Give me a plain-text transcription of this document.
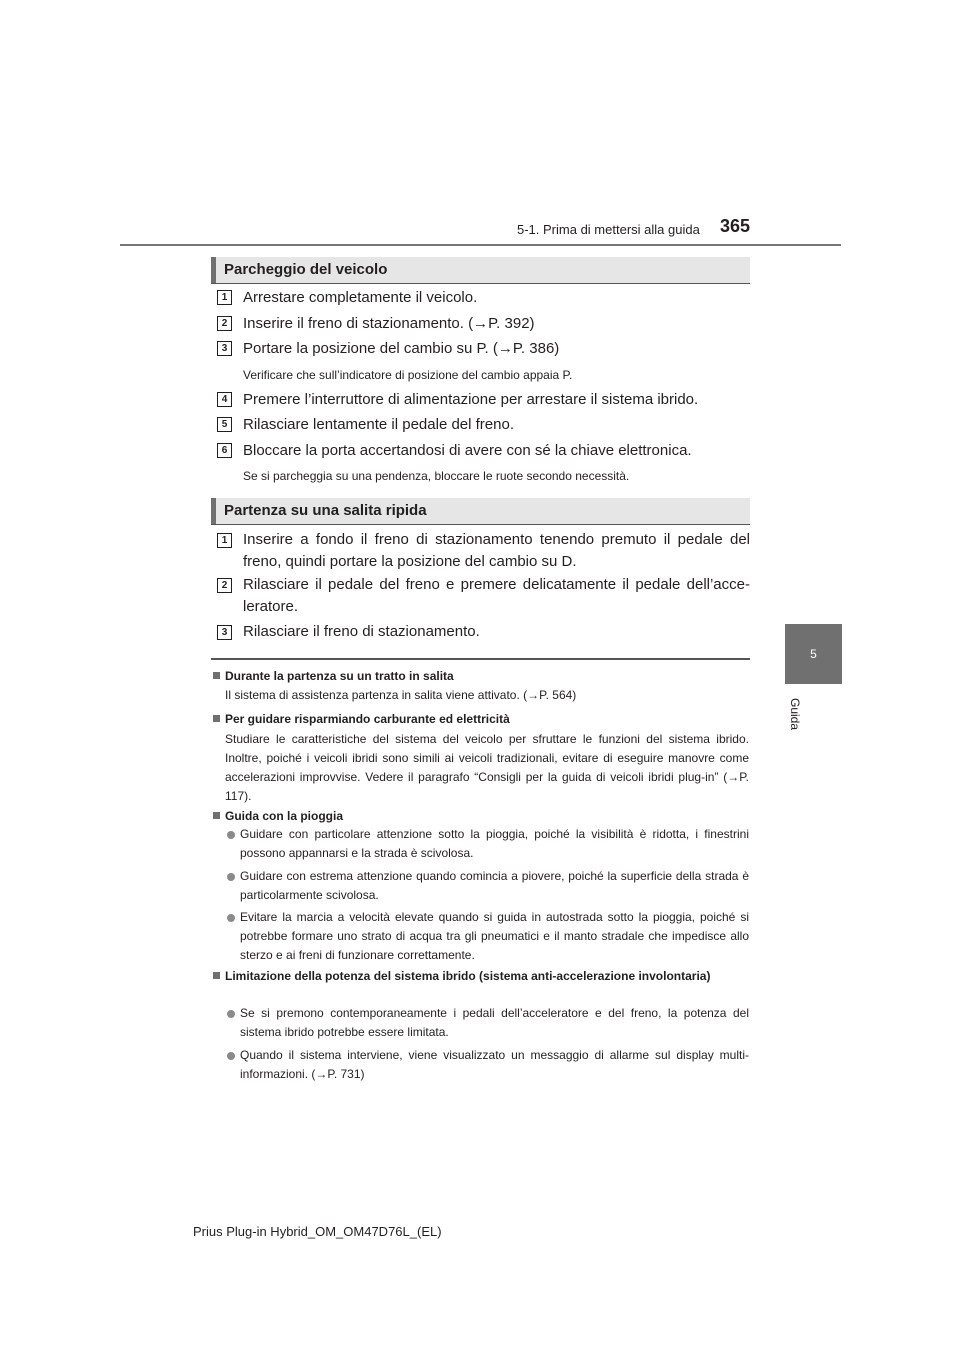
5-1. Prima di mettersi alla guida 365
5
Guida
Parcheggio del veicolo
1	Arrestare completamente il veicolo.
2	Inserire il freno di stazionamento. (→P. 392)
3	Portare la posizione del cambio su P. (→P. 386)
Verificare che sull’indicatore di posizione del cambio appaia P.
4	Premere l’interruttore di alimentazione per arrestare il sistema ibrido.
5	Rilasciare lentamente il pedale del freno.
6	Bloccare la porta accertandosi di avere con sé la chiave elettronica.
Se si parcheggia su una pendenza, bloccare le ruote secondo necessità.
Partenza su una salita ripida
1	Inserire a fondo il freno di stazionamento tenendo premuto il pedale del freno, quindi portare la posizione del cambio su D.
2	Rilasciare il pedale del freno e premere delicatamente il pedale dell’acceleratore.
3	Rilasciare il freno di stazionamento.
Durante la partenza su un tratto in salita
Il sistema di assistenza partenza in salita viene attivato. (→P. 564)
Per guidare risparmiando carburante ed elettricità
Studiare le caratteristiche del sistema del veicolo per sfruttare le funzioni del sistema ibrido. Inoltre, poiché i veicoli ibridi sono simili ai veicoli tradizionali, evitare di eseguire manovre come accelerazioni improvvise. Vedere il paragrafo “Consigli per la guida di veicoli ibridi plug-in” (→P. 117).
Guida con la pioggia
Guidare con particolare attenzione sotto la pioggia, poiché la visibilità è ridotta, i finestrini possono appannarsi e la strada è scivolosa.
Guidare con estrema attenzione quando comincia a piovere, poiché la superficie della strada è particolarmente scivolosa.
Evitare la marcia a velocità elevate quando si guida in autostrada sotto la pioggia, poiché si potrebbe formare uno strato di acqua tra gli pneumatici e il manto stradale che impedisce allo sterzo e ai freni di funzionare correttamente.
Limitazione della potenza del sistema ibrido (sistema anti-accelerazione involontaria)
Se si premono contemporaneamente i pedali dell’acceleratore e del freno, la potenza del sistema ibrido potrebbe essere limitata.
Quando il sistema interviene, viene visualizzato un messaggio di allarme sul display multi-informazioni. (→P. 731)
Prius Plug-in Hybrid_OM_OM47D76L_(EL)
